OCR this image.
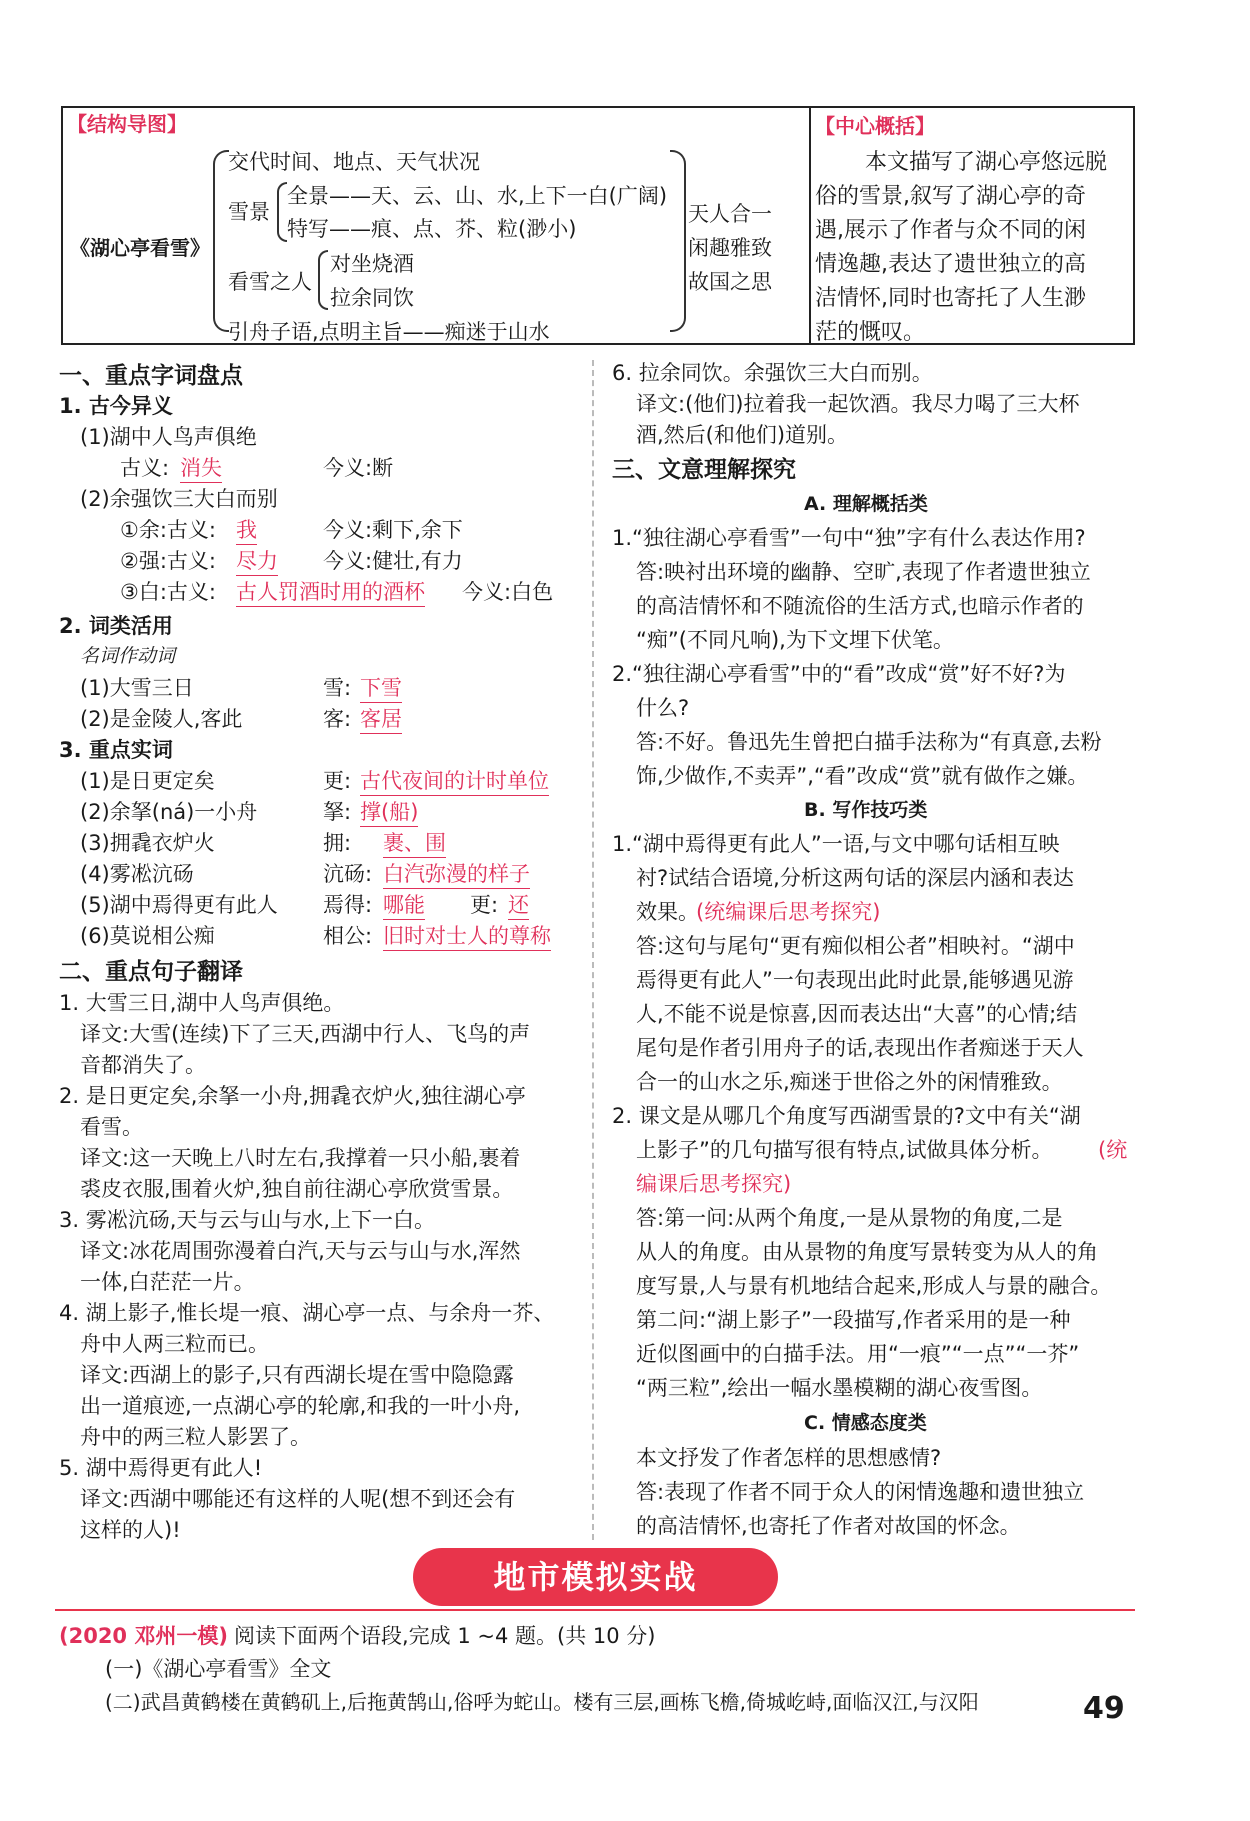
【结构导图】
《湖心亭看雪》
交代时间、地点、天气状况
雪景
全景——天、云、山、水,上下一白(广阔)
特写——痕、点、芥、粒(渺小)
看雪之人
对坐烧酒
拉余同饮
引舟子语,点明主旨——痴迷于山水
天人合一
闲趣雅致
故国之思
【中心概括】
本文描写了湖心亭悠远脱
俗的雪景,叙写了湖心亭的奇
遇,展示了作者与众不同的闲
情逸趣,表达了遗世独立的高
洁情怀,同时也寄托了人生渺
茫的慨叹。
一、重点字词盘点
1. 古今异义
(1)湖中人鸟声俱绝
古义: 消失	今义:断
(2)余强饮三大白而别
①余:古义: 我	今义:剩下,余下
②强:古义: 尽力 今义:健壮,有力
③白:古义: 古人罚酒时用的酒杯 今义:白色
2. 词类活用
名词作动词
(1)大雪三日	雪: 下雪
(2)是金陵人,客此	客: 客居
3. 重点实词
(1)是日更定矣	更: 古代夜间的计时单位
(2)余拏(ná)一小舟	拏: 撑(船)
(3)拥毳衣炉火	拥: 裹、围
(4)雾凇沆砀	沆砀: 白汽弥漫的样子
(5)湖中焉得更有此人 焉得: 哪能 更: 还
(6)莫说相公痴	相公: 旧时对士人的尊称
二、重点句子翻译
1. 大雪三日,湖中人鸟声俱绝。
译文:大雪(连续)下了三天,西湖中行人、飞鸟的声
音都消失了。
2. 是日更定矣,余拏一小舟,拥毳衣炉火,独往湖心亭
看雪。
译文:这一天晚上八时左右,我撑着一只小船,裹着
裘皮衣服,围着火炉,独自前往湖心亭欣赏雪景。
3. 雾凇沆砀,天与云与山与水,上下一白。
译文:冰花周围弥漫着白汽,天与云与山与水,浑然
一体,白茫茫一片。
4. 湖上影子,惟长堤一痕、湖心亭一点、与余舟一芥、
舟中人两三粒而已。
译文:西湖上的影子,只有西湖长堤在雪中隐隐露
出一道痕迹,一点湖心亭的轮廓,和我的一叶小舟,
舟中的两三粒人影罢了。
5. 湖中焉得更有此人!
译文:西湖中哪能还有这样的人呢(想不到还会有
这样的人)!
6. 拉余同饮。余强饮三大白而别。
译文:(他们)拉着我一起饮酒。我尽力喝了三大杯
酒,然后(和他们)道别。
三、文意理解探究
A. 理解概括类
1.“独往湖心亭看雪”一句中“独”字有什么表达作用?
答:映衬出环境的幽静、空旷,表现了作者遗世独立
的高洁情怀和不随流俗的生活方式,也暗示作者的
“痴”(不同凡响),为下文埋下伏笔。
2.“独往湖心亭看雪”中的“看”改成“赏”好不好?为
什么?
答:不好。鲁迅先生曾把白描手法称为“有真意,去粉
饰,少做作,不卖弄”,“看”改成“赏”就有做作之嫌。
B. 写作技巧类
1.“湖中焉得更有此人”一语,与文中哪句话相互映
衬?试结合语境,分析这两句话的深层内涵和表达
效果。
(统编课后思考探究)
答:这句与尾句“更有痴似相公者”相映衬。“湖中
焉得更有此人”一句表现出此时此景,能够遇见游
人,不能不说是惊喜,因而表达出“大喜”的心情;结
尾句是作者引用舟子的话,表现出作者痴迷于天人
合一的山水之乐,痴迷于世俗之外的闲情雅致。
2. 课文是从哪几个角度写西湖雪景的?文中有关“湖
上影子”的几句描写很有特点,试做具体分析。 (统
编课后思考探究)
答:第一问:从两个角度,一是从景物的角度,二是
从人的角度。由从景物的角度写景转变为从人的角
度写景,人与景有机地结合起来,形成人与景的融合。
第二问:“湖上影子”一段描写,作者采用的是一种
近似图画中的白描手法。用“一痕”“一点”“一芥”
“两三粒”,绘出一幅水墨模糊的湖心夜雪图。
C. 情感态度类
本文抒发了作者怎样的思想感情?
答:表现了作者不同于众人的闲情逸趣和遗世独立
的高洁情怀,也寄托了作者对故国的怀念。
地市模拟实战
(2020 邓州一模) 阅读下面两个语段,完成 1 ~4 题。(共 10 分)
(一)《湖心亭看雪》全文
(二)武昌黄鹤楼在黄鹤矶上,后拖黄鹄山,俗呼为蛇山。楼有三层,画栋飞檐,倚城屹峙,面临汉江,与汉阳	49
